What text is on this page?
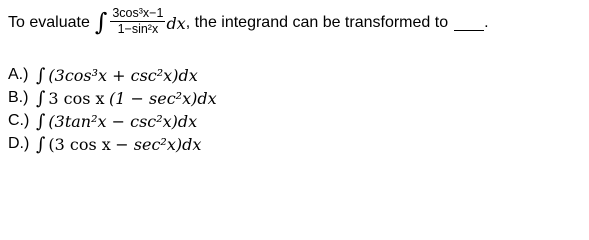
To evaluate ∫ $\frac{\text{3cos³x−1}}{\text{1−sin²x}}$ dx , the integrand can be transformed to .
A.) ∫ (3cos³x + csc²x)dx
B.) ∫ 3 cos x
(1 − sec²x)dx
C.) ∫ (3tan²x − csc²x)dx
D.) ∫ (3 cos x
− sec²x)dx
